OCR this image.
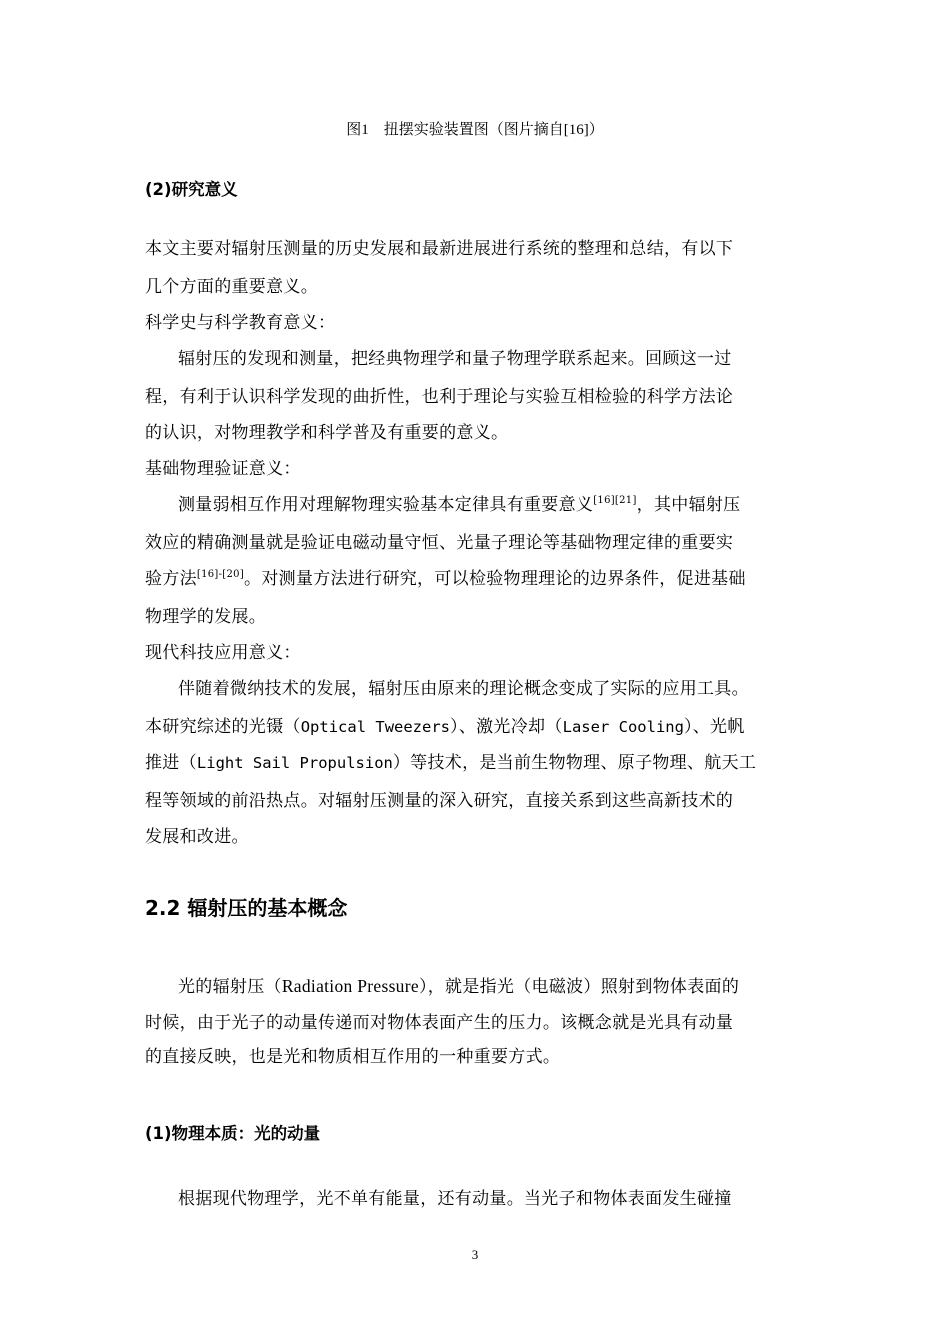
图1　扭摆实验装置图（图片摘自[16]）
(2)研究意义
本文主要对辐射压测量的历史发展和最新进展进行系统的整理和总结，有以下
几个方面的重要意义。
科学史与科学教育意义：
辐射压的发现和测量，把经典物理学和量子物理学联系起来。回顾这一过
程，有利于认识科学发现的曲折性，也利于理论与实验互相检验的科学方法论
的认识，对物理教学和科学普及有重要的意义。
基础物理验证意义：
测量弱相互作用对理解物理实验基本定律具有重要意义[16][21]，其中辐射压
效应的精确测量就是验证电磁动量守恒、光量子理论等基础物理定律的重要实
验方法[16]-[20]。对测量方法进行研究，可以检验物理理论的边界条件，促进基础
物理学的发展。
现代科技应用意义：
伴随着微纳技术的发展，辐射压由原来的理论概念变成了实际的应用工具。
本研究综述的光镊（Optical Tweezers）、激光冷却（Laser Cooling）、光帆
推进（Light Sail Propulsion）等技术，是当前生物物理、原子物理、航天工
程等领域的前沿热点。对辐射压测量的深入研究，直接关系到这些高新技术的
发展和改进。
2.2 辐射压的基本概念
光的辐射压（Radiation Pressure），就是指光（电磁波）照射到物体表面的
时候，由于光子的动量传递而对物体表面产生的压力。该概念就是光具有动量
的直接反映，也是光和物质相互作用的一种重要方式。
(1)物理本质：光的动量
根据现代物理学，光不单有能量，还有动量。当光子和物体表面发生碰撞
3
